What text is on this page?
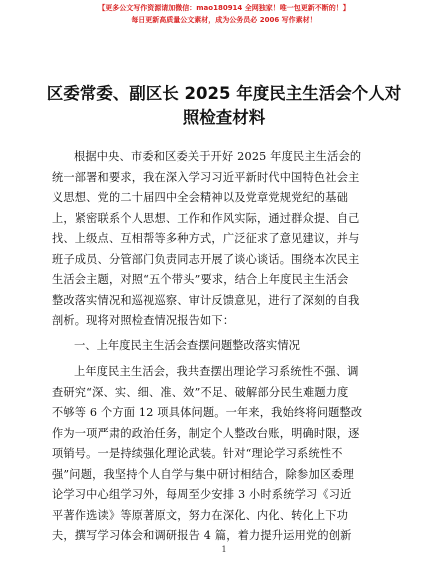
【更多公文写作资源请加微信：mao180914 全网独家！唯一包更新不断的！】
每日更新高质量公文素材，成为公务员必 2006 写作素材！
区委常委、副区长 2025 年度民主生活会个人对
照检查材料
根据中央、市委和区委关于开好 2025 年度民主生活会的
统一部署和要求，我在深入学习习近平新时代中国特色社会主
义思想、党的二十届四中全会精神以及党章党规党纪的基础
上，紧密联系个人思想、工作和作风实际，通过群众提、自己
找、上级点、互相帮等多种方式，广泛征求了意见建议，并与
班子成员、分管部门负责同志开展了谈心谈话。围绕本次民主
生活会主题，对照“五个带头”要求，结合上年度民主生活会
整改落实情况和巡视巡察、审计反馈意见，进行了深刻的自我
剖析。现将对照检查情况报告如下：
一、上年度民主生活会查摆问题整改落实情况
上年度民主生活会，我共查摆出理论学习系统性不强、调
查研究“深、实、细、准、效”不足、破解部分民生难题力度
不够等 6 个方面 12 项具体问题。一年来，我始终将问题整改
作为一项严肃的政治任务，制定个人整改台账，明确时限，逐
项销号。一是持续强化理论武装。针对“理论学习系统性不
强”问题，我坚持个人自学与集中研讨相结合，除参加区委理
论学习中心组学习外，每周至少安排 3 小时系统学习《习近
平著作选读》等原著原文，努力在深化、内化、转化上下功
夫，撰写学习体会和调研报告 4 篇，着力提升运用党的创新
1
